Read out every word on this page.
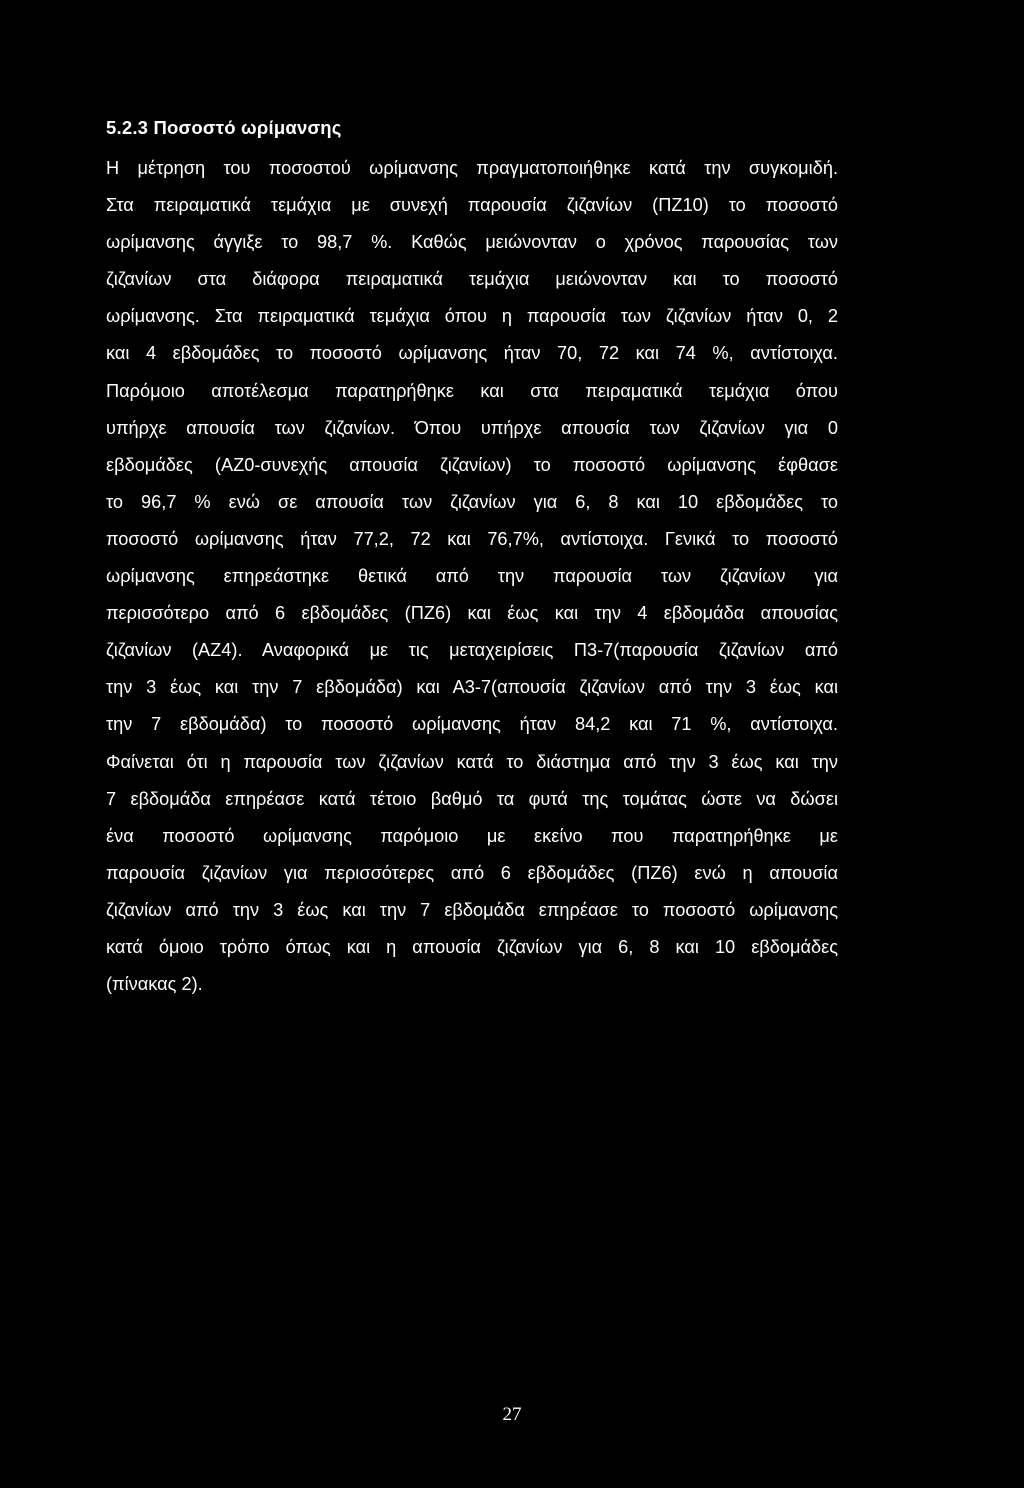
5.2.3 Ποσοστό ωρίμανσης
Η μέτρηση του ποσοστού ωρίμανσης πραγματοποιήθηκε κατά την συγκομιδή.
Στα πειραματικά τεμάχια με συνεχή παρουσία ζιζανίων (ΠΖ10) το ποσοστό
ωρίμανσης άγγιξε το 98,7 %. Καθώς μειώνονταν ο χρόνος παρουσίας των
ζιζανίων στα διάφορα πειραματικά τεμάχια μειώνονταν και το ποσοστό
ωρίμανσης. Στα πειραματικά τεμάχια όπου η παρουσία των ζιζανίων ήταν 0, 2
και 4 εβδομάδες το ποσοστό ωρίμανσης ήταν 70, 72 και 74 %, αντίστοιχα.
Παρόμοιο αποτέλεσμα παρατηρήθηκε και στα πειραματικά τεμάχια όπου
υπήρχε απουσία των ζιζανίων. Όπου υπήρχε απουσία των ζιζανίων για 0
εβδομάδες (ΑΖ0-συνεχής απουσία ζιζανίων) το ποσοστό ωρίμανσης έφθασε
το 96,7 % ενώ σε απουσία των ζιζανίων για 6, 8 και 10 εβδομάδες το
ποσοστό ωρίμανσης ήταν 77,2, 72 και 76,7%, αντίστοιχα. Γενικά το ποσοστό
ωρίμανσης επηρεάστηκε θετικά από την παρουσία των ζιζανίων για
περισσότερο από 6 εβδομάδες (ΠΖ6) και έως και την 4 εβδομάδα απουσίας
ζιζανίων (ΑΖ4). Αναφορικά με τις μεταχειρίσεις Π3-7(παρουσία ζιζανίων από
την 3 έως και την 7 εβδομάδα) και Α3-7(απουσία ζιζανίων από την 3 έως και
την 7 εβδομάδα) το ποσοστό ωρίμανσης ήταν 84,2 και 71 %, αντίστοιχα.
Φαίνεται ότι η παρουσία των ζιζανίων κατά το διάστημα από την 3 έως και την
7 εβδομάδα επηρέασε κατά τέτοιο βαθμό τα φυτά της τομάτας ώστε να δώσει
ένα ποσοστό ωρίμανσης παρόμοιο με εκείνο που παρατηρήθηκε με
παρουσία ζιζανίων για περισσότερες από 6 εβδομάδες (ΠΖ6) ενώ η απουσία
ζιζανίων από την 3 έως και την 7 εβδομάδα επηρέασε το ποσοστό ωρίμανσης
κατά όμοιο τρόπο όπως και η απουσία ζιζανίων για 6, 8 και 10 εβδομάδες
(πίνακας 2).

27
